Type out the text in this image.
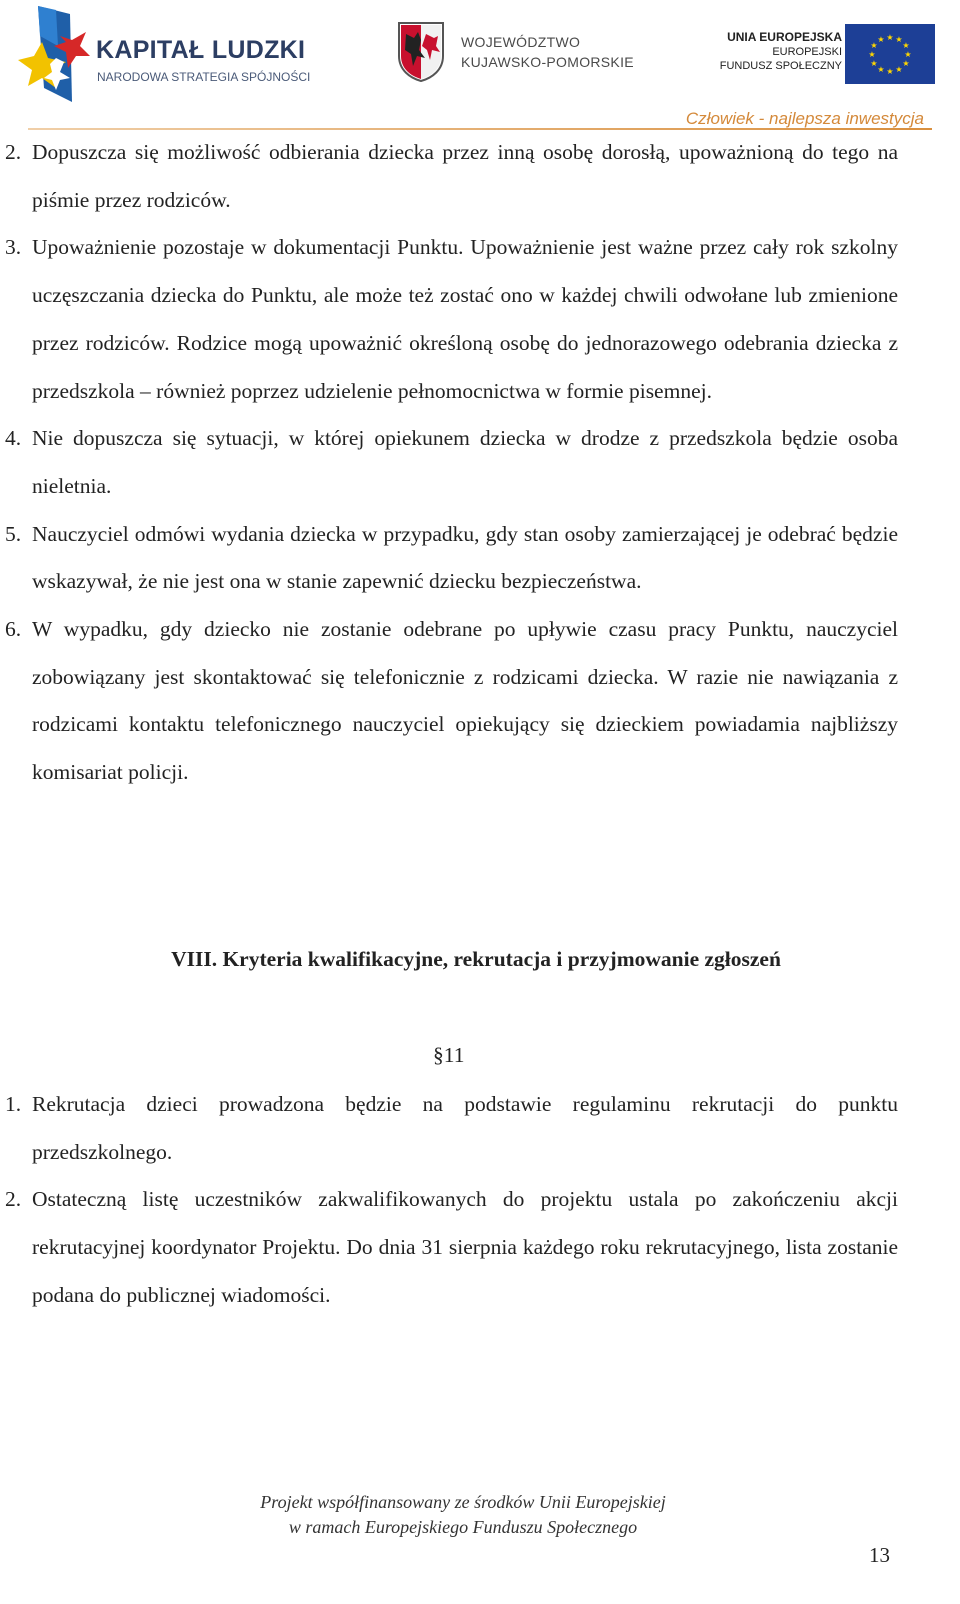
KAPITAŁ LUDZKI
NARODOWA STRATEGIA SPÓJNOŚCI
WOJEWÓDZTWO
KUJAWSKO-POMORSKIE
UNIA EUROPEJSKA
EUROPEJSKI
FUNDUSZ SPOŁECZNY
★ ★
★
★
★
★
★
★
★
★
★
★
Człowiek - najlepsza inwestycja
2. Dopuszcza się możliwość odbierania dziecka przez inną osobę dorosłą, upoważnioną do tego na piśmie przez rodziców.
3. Upoważnienie pozostaje w dokumentacji Punktu. Upoważnienie jest ważne przez cały rok szkolny uczęszczania dziecka do Punktu, ale może też zostać ono w każdej chwili odwołane lub zmienione przez rodziców. Rodzice mogą upoważnić określoną osobę do jednorazowego odebrania dziecka z przedszkola – również poprzez udzielenie pełnomocnictwa w formie pisemnej.
4. Nie dopuszcza się sytuacji, w której opiekunem dziecka w drodze z przedszkola będzie osoba nieletnia.
5. Nauczyciel odmówi wydania dziecka w przypadku, gdy stan osoby zamierzającej je odebrać będzie wskazywał, że nie jest ona w stanie zapewnić dziecku bezpieczeństwa.
6. W wypadku, gdy dziecko nie zostanie odebrane po upływie czasu pracy Punktu, nauczyciel zobowiązany jest skontaktować się telefonicznie z rodzicami dziecka. W razie nie nawiązania z rodzicami kontaktu telefonicznego nauczyciel opiekujący się dzieckiem powiadamia najbliższy komisariat policji.
VIII. Kryteria kwalifikacyjne, rekrutacja i przyjmowanie zgłoszeń
§11
1. Rekrutacja dzieci prowadzona będzie na podstawie regulaminu rekrutacji do punktu przedszkolnego.
2. Ostateczną listę uczestników zakwalifikowanych do projektu ustala po zakończeniu akcji rekrutacyjnej koordynator Projektu. Do dnia 31 sierpnia każdego roku rekrutacyjnego, lista zostanie podana do publicznej wiadomości.
Projekt współfinansowany ze środków Unii Europejskiej
w ramach Europejskiego Funduszu Społecznego
13
